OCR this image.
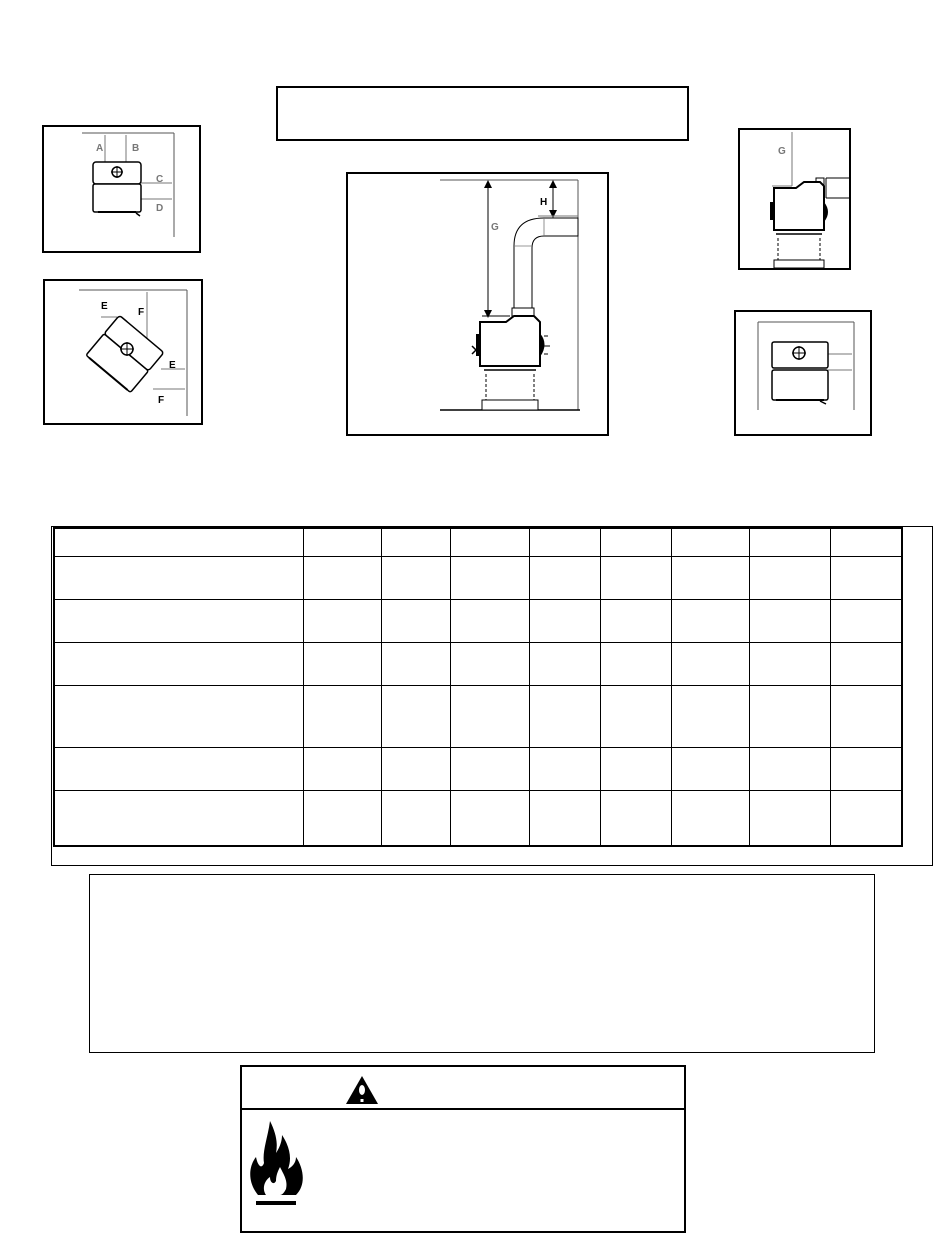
A	B
C
D
E
F
E
F
G
H
G
